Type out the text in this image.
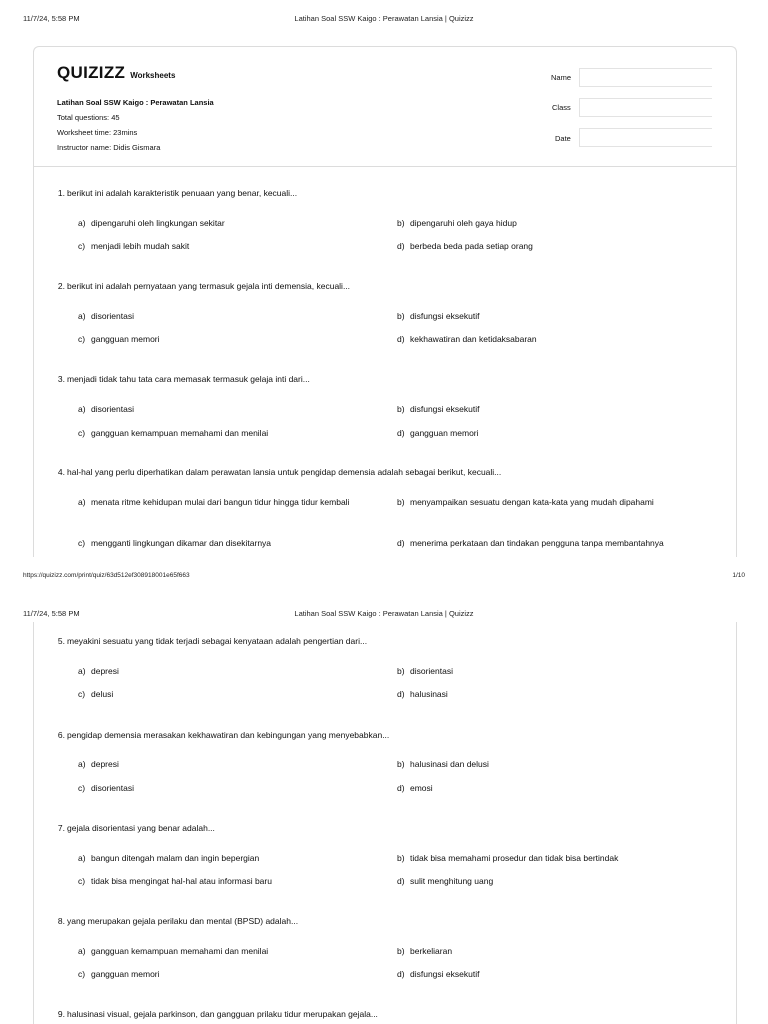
11/7/24, 5:58 PM	Latihan Soal SSW Kaigo : Perawatan Lansia | Quizizz
QUIZIZZ Worksheets
Latihan Soal SSW Kaigo : Perawatan Lansia
Total questions: 45
Worksheet time: 23mins
Instructor name: Didis Gismara
Name
Class
Date
1. berikut ini adalah karakteristik penuaan yang benar, kecuali...
a) dipengaruhi oleh lingkungan sekitar	b) dipengaruhi oleh gaya hidup
c) menjadi lebih mudah sakit	d) berbeda beda pada setiap orang
2. berikut ini adalah pernyataan yang termasuk gejala inti demensia, kecuali...
a) disorientasi	b) disfungsi eksekutif
c) gangguan memori	d) kekhawatiran dan ketidaksabaran
3. menjadi tidak tahu tata cara memasak termasuk gelaja inti dari...
a) disorientasi	b) disfungsi eksekutif
c) gangguan kemampuan memahami dan menilai	d) gangguan memori
4. hal-hal yang perlu diperhatikan dalam perawatan lansia untuk pengidap demensia adalah sebagai berikut, kecuali...
a) menata ritme kehidupan mulai dari bangun tidur hingga tidur kembali	b) menyampaikan sesuatu dengan kata-kata yang mudah dipahami
c) mengganti lingkungan dikamar dan disekitarnya	d) menerima perkataan dan tindakan pengguna tanpa membantahnya
https://quizizz.com/print/quiz/63d512ef308918001e65f663	1/10
11/7/24, 5:58 PM	Latihan Soal SSW Kaigo : Perawatan Lansia | Quizizz
5. meyakini sesuatu yang tidak terjadi sebagai kenyataan adalah pengertian dari...
a) depresi	b) disorientasi
c) delusi	d) halusinasi
6. pengidap demensia merasakan kekhawatiran dan kebingungan yang menyebabkan...
a) depresi	b) halusinasi dan delusi
c) disorientasi	d) emosi
7. gejala disorientasi yang benar adalah...
a) bangun ditengah malam dan ingin bepergian	b) tidak bisa memahami prosedur dan tidak bisa bertindak
c) tidak bisa mengingat hal-hal atau informasi baru	d) sulit menghitung uang
8. yang merupakan gejala perilaku dan mental (BPSD) adalah...
a) gangguan kemampuan memahami dan menilai	b) berkeliaran
c) gangguan memori	d) disfungsi eksekutif
9. halusinasi visual, gejala parkinson, dan gangguan prilaku tidur merupakan gejala...
